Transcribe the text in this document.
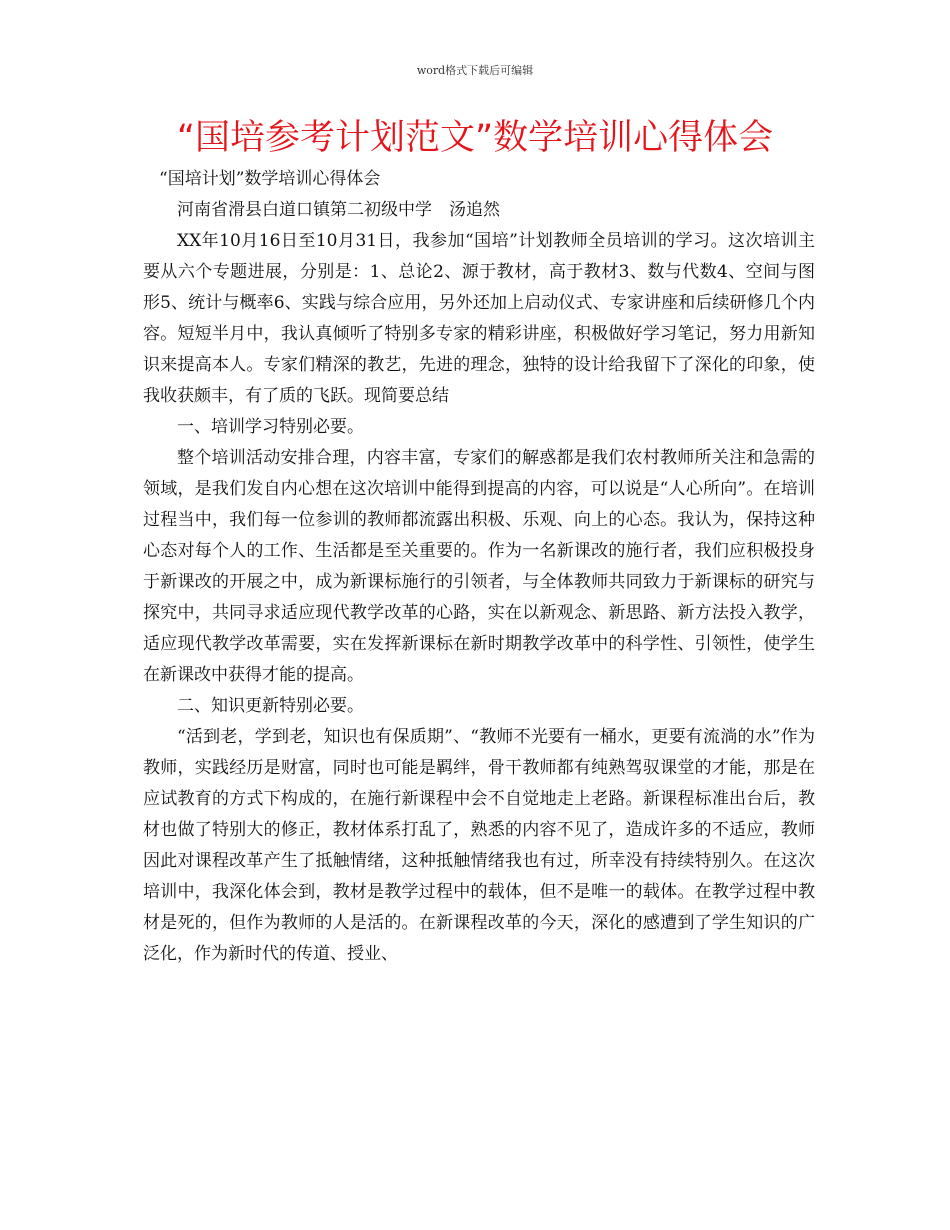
word格式下载后可编辑
“国培参考计划范文”数学培训心得体会

“国培计划”数学培训心得体会

河南省滑县白道口镇第二初级中学　汤追然

XX年10月16日至10月31日，我参加“国培”计划教师全员培训的学习。这次培训主要从六个专题进展，分别是：1、总论2、源于教材，高于教材3、数与代数4、空间与图形5、统计与概率6、实践与综合应用，另外还加上启动仪式、专家讲座和后续研修几个内容。短短半月中，我认真倾听了特别多专家的精彩讲座，积极做好学习笔记，努力用新知识来提高本人。专家们精深的教艺，先进的理念，独特的设计给我留下了深化的印象，使我收获颇丰，有了质的飞跃。现简要总结

一、培训学习特别必要。

整个培训活动安排合理，内容丰富，专家们的解惑都是我们农村教师所关注和急需的领域，是我们发自内心想在这次培训中能得到提高的内容，可以说是“人心所向”。在培训过程当中，我们每一位参训的教师都流露出积极、乐观、向上的心态。我认为，保持这种心态对每个人的工作、生活都是至关重要的。作为一名新课改的施行者，我们应积极投身于新课改的开展之中，成为新课标施行的引领者，与全体教师共同致力于新课标的研究与探究中，共同寻求适应现代教学改革的心路，实在以新观念、新思路、新方法投入教学，适应现代教学改革需要，实在发挥新课标在新时期教学改革中的科学性、引领性，使学生在新课改中获得才能的提高。

二、知识更新特别必要。

“活到老，学到老，知识也有保质期”、“教师不光要有一桶水，更要有流淌的水”作为教师，实践经历是财富，同时也可能是羁绊，骨干教师都有纯熟驾驭课堂的才能，那是在应试教育的方式下构成的，在施行新课程中会不自觉地走上老路。新课程标准出台后，教材也做了特别大的修正，教材体系打乱了，熟悉的内容不见了，造成许多的不适应，教师因此对课程改革产生了抵触情绪，这种抵触情绪我也有过，所幸没有持续特别久。在这次培训中，我深化体会到，教材是教学过程中的载体，但不是唯一的载体。在教学过程中教材是死的，但作为教师的人是活的。在新课程改革的今天，深化的感遭到了学生知识的广泛化，作为新时代的传道、授业、
